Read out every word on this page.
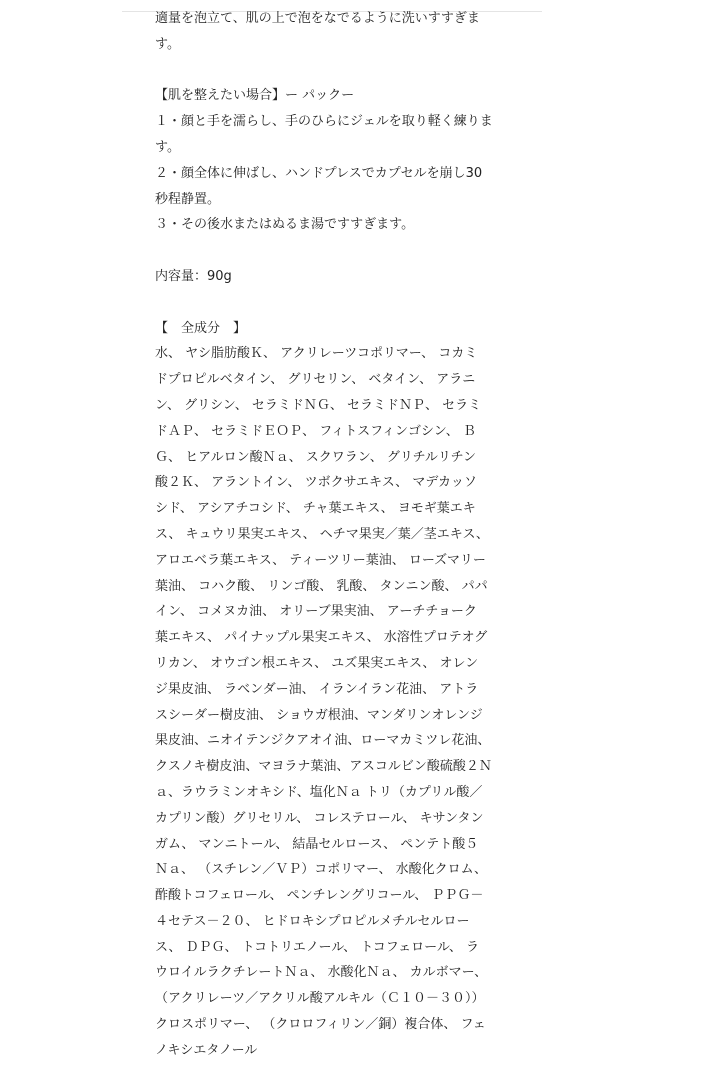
適量を泡立て、肌の上で泡をなでるように洗いすすぎま
す。
【肌を整えたい場合】ー パックー
１・顔と手を濡らし、手のひらにジェルを取り軽く練りま
す。
２・顔全体に伸ばし、ハンドプレスでカプセルを崩し30
秒程静置。
３・その後水またはぬるま湯ですすぎます。
内容量：90g
【　全成分　】
水、 ヤシ脂肪酸Ｋ、 アクリレーツコポリマー、 コカミ
ドプロピルベタイン、 グリセリン、 ベタイン、 アラニ
ン、 グリシン、 セラミドＮＧ、 セラミドＮＰ、 セラミ
ドＡＰ、 セラミドＥＯＰ、 フィトスフィンゴシン、 Ｂ
Ｇ、 ヒアルロン酸Ｎａ、 スクワラン、 グリチルリチン
酸２Ｋ、 アラントイン、 ツボクサエキス、 マデカッソ
シド、 アシアチコシド、 チャ葉エキス、 ヨモギ葉エキ
ス、 キュウリ果実エキス、 ヘチマ果実／葉／茎エキス、
アロエベラ葉エキス、 ティーツリー葉油、 ローズマリー
葉油、 コハク酸、 リンゴ酸、 乳酸、 タンニン酸、 パパ
イン、 コメヌカ油、 オリーブ果実油、 アーチチョーク
葉エキス、 パイナップル果実エキス、 水溶性プロテオグ
リカン、 オウゴン根エキス、 ユズ果実エキス、 オレン
ジ果皮油、 ラベンダー油、 イランイラン花油、 アトラ
スシーダー樹皮油、 ショウガ根油、マンダリンオレンジ
果皮油、ニオイテンジクアオイ油、ローマカミツレ花油、
クスノキ樹皮油、マヨラナ葉油、アスコルビン酸硫酸２Ｎ
ａ、ラウラミンオキシド、塩化Ｎａ トリ（カプリル酸／
カプリン酸）グリセリル、 コレステロール、 キサンタン
ガム、 マンニトール、 結晶セルロース、 ペンテト酸５
Ｎａ、 （スチレン／ＶＰ）コポリマー、 水酸化クロム、
酢酸トコフェロール、 ペンチレングリコール、 ＰＰＧ－
４セテス－２０、 ヒドロキシプロピルメチルセルロー
ス、 ＤＰＧ、 トコトリエノール、 トコフェロール、 ラ
ウロイルラクチレートＮａ、 水酸化Ｎａ、 カルボマー、
（アクリレーツ／アクリル酸アルキル（Ｃ１０－３０））
クロスポリマー、 （クロロフィリン／銅）複合体、 フェ
ノキシエタノール
